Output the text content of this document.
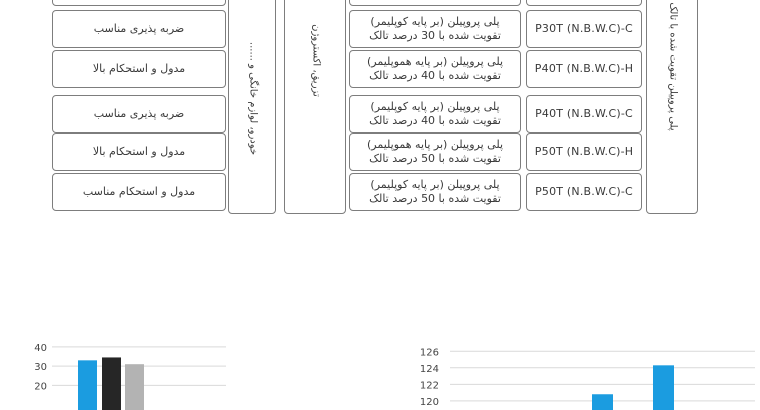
ضربه پذیری مناسب
پلی پروپیلن (بر پایه کوپلیمر)
تقویت شده با 30 درصد تالک
P30T (N.B.W.C)-C
مدول و استحکام بالا
پلی پروپیلن (بر پایه هموپلیمر)
تقویت شده با 40 درصد تالک
P40T (N.B.W.C)-H
ضربه پذیری مناسب
پلی پروپیلن (بر پایه کوپلیمر)
تقویت شده با 40 درصد تالک
P40T (N.B.W.C)-C
مدول و استحکام بالا
پلی پروپیلن (بر پایه هموپلیمر)
تقویت شده با 50 درصد تالک
P50T (N.B.W.C)-H
مدول و استحکام مناسب
پلی پروپیلن (بر پایه کوپلیمر)
تقویت شده با 50 درصد تالک
P50T (N.B.W.C)-C
خودرو، لوازم خانگی و ......	تزریق، اکستروژن	پلی پروپیلن تقویت شده با تالک
20
30
40
120
122
124
126
